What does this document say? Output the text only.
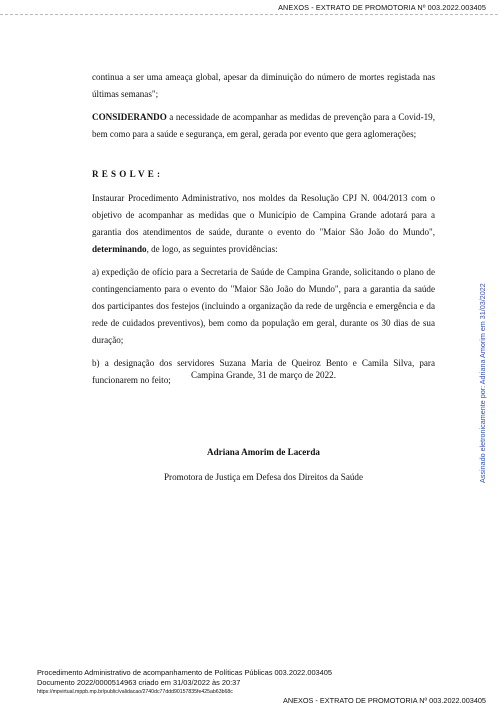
ANEXOS - EXTRATO DE PROMOTORIA Nº 003.2022.003405
continua a ser uma ameaça global, apesar da diminuição do número de mortes registada nas últimas semanas";
CONSIDERANDO a necessidade de acompanhar as medidas de prevenção para a Covid-19, bem como para a saúde e segurança, em geral, gerada por evento que gera aglomerações;
RESOLVE:
Instaurar Procedimento Administrativo, nos moldes da Resolução CPJ N. 004/2013 com o objetivo de acompanhar as medidas que o Município de Campina Grande adotará para a garantia dos atendimentos de saúde, durante o evento do "Maior São João do Mundo", determinando, de logo, as seguintes providências:
a) expedição de ofício para a Secretaria de Saúde de Campina Grande, solicitando o plano de contingenciamento para o evento do "Maior São João do Mundo", para a garantia da saúde dos participantes dos festejos (incluindo a organização da rede de urgência e emergência e da rede de cuidados preventivos), bem como da população em geral, durante os 30 dias de sua duração;
b) a designação dos servidores Suzana Maria de Queiroz Bento e Camila Silva, para funcionarem no feito;	Campina Grande, 31 de março de 2022.
Adriana Amorim de Lacerda
Promotora de Justiça em Defesa dos Direitos da Saúde	Assinado eletronicamente por: Adriana Amorim em 31/03/2022
Procedimento Administrativo de acompanhamento de Políticas Públicas 003.2022.003405
Documento 2022/0000514963 criado em 31/03/2022 às 20:37
https://mpvirtual.mppb.mp.br/public/validacao/2740dc77ddd90157835fe425ab63b68c
ANEXOS - EXTRATO DE PROMOTORIA Nº 003.2022.003405
